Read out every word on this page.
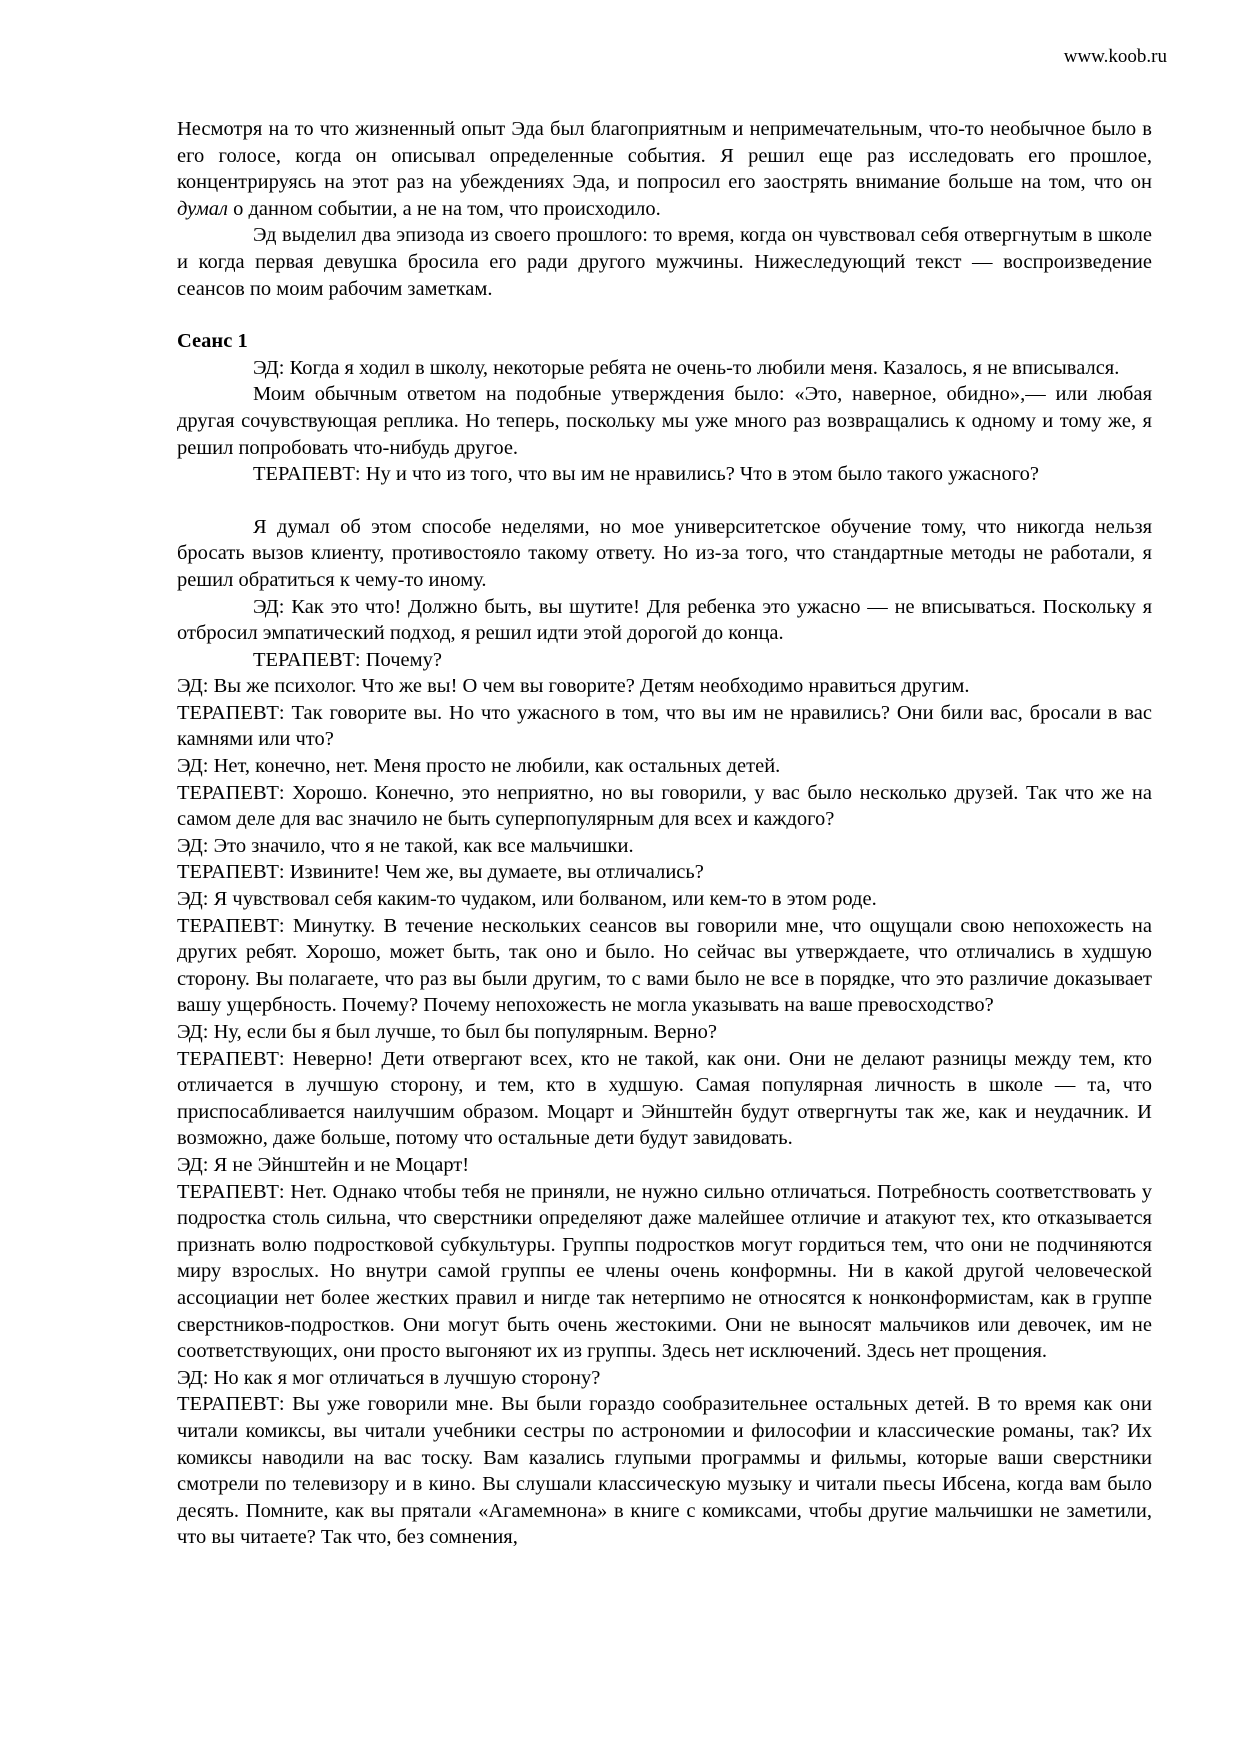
www.koob.ru

Несмотря на то что жизненный опыт Эда был благоприятным и непримечательным, что-то необычное было в его голосе, когда он описывал определенные события. Я решил еще раз исследовать его прошлое, концентрируясь на этот раз на убеждениях Эда, и попросил его заострять внимание больше на том, что он думал о данном событии, а не на том, что происходило.

Эд выделил два эпизода из своего прошлого: то время, когда он чувствовал себя отвергнутым в школе и когда первая девушка бросила его ради другого мужчины. Нижеследующий текст — воспроизведение сеансов по моим рабочим заметкам.

Сеанс 1

ЭД: Когда я ходил в школу, некоторые ребята не очень-то любили меня. Казалось, я не вписывался.

Моим обычным ответом на подобные утверждения было: «Это, наверное, обидно»,— или любая другая сочувствующая реплика. Но теперь, поскольку мы уже много раз возвращались к одному и тому же, я решил попробовать что-нибудь другое.

ТЕРАПЕВТ: Ну и что из того, что вы им не нравились? Что в этом было такого ужасного?

Я думал об этом способе неделями, но мое университетское обучение тому, что никогда нельзя бросать вызов клиенту, противостояло такому ответу. Но из-за того, что стандартные методы не работали, я решил обратиться к чему-то иному.

ЭД: Как это что! Должно быть, вы шутите! Для ребенка это ужасно — не вписываться. Поскольку я отбросил эмпатический подход, я решил идти этой дорогой до конца.

ТЕРАПЕВТ: Почему?

ЭД: Вы же психолог. Что же вы! О чем вы говорите? Детям необходимо нравиться другим.

ТЕРАПЕВТ: Так говорите вы. Но что ужасного в том, что вы им не нравились? Они били вас, бросали в вас камнями или что?

ЭД: Нет, конечно, нет. Меня просто не любили, как остальных детей.

ТЕРАПЕВТ: Хорошо. Конечно, это неприятно, но вы говорили, у вас было несколько друзей. Так что же на самом деле для вас значило не быть суперпопулярным для всех и каждого?

ЭД: Это значило, что я не такой, как все мальчишки.

ТЕРАПЕВТ: Извините! Чем же, вы думаете, вы отличались?

ЭД: Я чувствовал себя каким-то чудаком, или болваном, или кем-то в этом роде.

ТЕРАПЕВТ: Минутку. В течение нескольких сеансов вы говорили мне, что ощущали свою непохожесть на других ребят. Хорошо, может быть, так оно и было. Но сейчас вы утверждаете, что отличались в худшую сторону. Вы полагаете, что раз вы были другим, то с вами было не все в порядке, что это различие доказывает вашу ущербность. Почему? Почему непохожесть не могла указывать на ваше превосходство?

ЭД: Ну, если бы я был лучше, то был бы популярным. Верно?

ТЕРАПЕВТ: Неверно! Дети отвергают всех, кто не такой, как они. Они не делают разницы между тем, кто отличается в лучшую сторону, и тем, кто в худшую. Самая популярная личность в школе — та, что приспосабливается наилучшим образом. Моцарт и Эйнштейн будут отвергнуты так же, как и неудачник. И возможно, даже больше, потому что остальные дети будут завидовать.

ЭД: Я не Эйнштейн и не Моцарт!

ТЕРАПЕВТ: Нет. Однако чтобы тебя не приняли, не нужно сильно отличаться. Потребность соответствовать у подростка столь сильна, что сверстники определяют даже малейшее отличие и атакуют тех, кто отказывается признать волю подростковой субкультуры. Группы подростков могут гордиться тем, что они не подчиняются миру взрослых. Но внутри самой группы ее члены очень конформны. Ни в какой другой человеческой ассоциации нет более жестких правил и нигде так нетерпимо не относятся к нонконформистам, как в группе сверстников-подростков. Они могут быть очень жестокими. Они не выносят мальчиков или девочек, им не соответствующих, они просто выгоняют их из группы. Здесь нет исключений. Здесь нет прощения.

ЭД: Но как я мог отличаться в лучшую сторону?

ТЕРАПЕВТ: Вы уже говорили мне. Вы были гораздо сообразительнее остальных детей. В то время как они читали комиксы, вы читали учебники сестры по астрономии и философии и классические романы, так? Их комиксы наводили на вас тоску. Вам казались глупыми программы и фильмы, которые ваши сверстники смотрели по телевизору и в кино. Вы слушали классическую музыку и читали пьесы Ибсена, когда вам было десять. Помните, как вы прятали «Агамемнона» в книге с комиксами, чтобы другие мальчишки не заметили, что вы читаете? Так что, без сомнения,
